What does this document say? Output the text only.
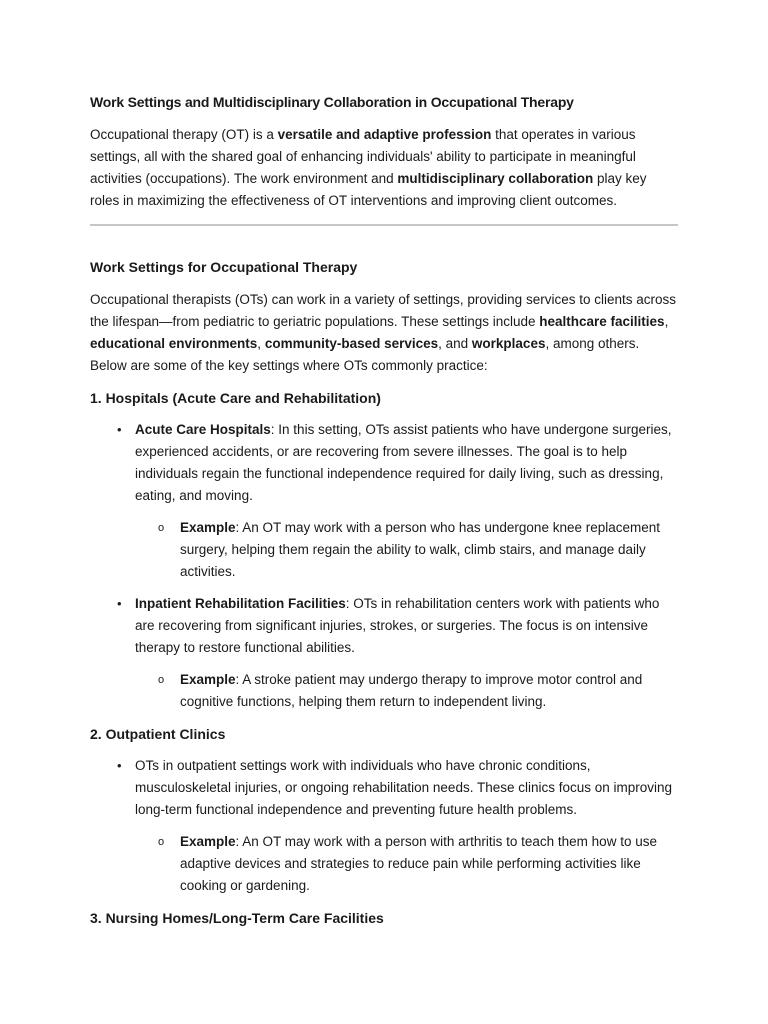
Work Settings and Multidisciplinary Collaboration in Occupational Therapy

Occupational therapy (OT) is a versatile and adaptive profession that operates in various settings, all with the shared goal of enhancing individuals' ability to participate in meaningful activities (occupations). The work environment and multidisciplinary collaboration play key roles in maximizing the effectiveness of OT interventions and improving client outcomes.

Work Settings for Occupational Therapy

Occupational therapists (OTs) can work in a variety of settings, providing services to clients across the lifespan—from pediatric to geriatric populations. These settings include healthcare facilities, educational environments, community-based services, and workplaces, among others. Below are some of the key settings where OTs commonly practice:

1. Hospitals (Acute Care and Rehabilitation)
• Acute Care Hospitals: In this setting, OTs assist patients who have undergone surgeries, experienced accidents, or are recovering from severe illnesses. The goal is to help individuals regain the functional independence required for daily living, such as dressing, eating, and moving.
o Example: An OT may work with a person who has undergone knee replacement surgery, helping them regain the ability to walk, climb stairs, and manage daily activities.
• Inpatient Rehabilitation Facilities: OTs in rehabilitation centers work with patients who are recovering from significant injuries, strokes, or surgeries. The focus is on intensive therapy to restore functional abilities.
o Example: A stroke patient may undergo therapy to improve motor control and cognitive functions, helping them return to independent living.
2. Outpatient Clinics
• OTs in outpatient settings work with individuals who have chronic conditions, musculoskeletal injuries, or ongoing rehabilitation needs. These clinics focus on improving long-term functional independence and preventing future health problems.
o Example: An OT may work with a person with arthritis to teach them how to use adaptive devices and strategies to reduce pain while performing activities like cooking or gardening.
3. Nursing Homes/Long-Term Care Facilities
